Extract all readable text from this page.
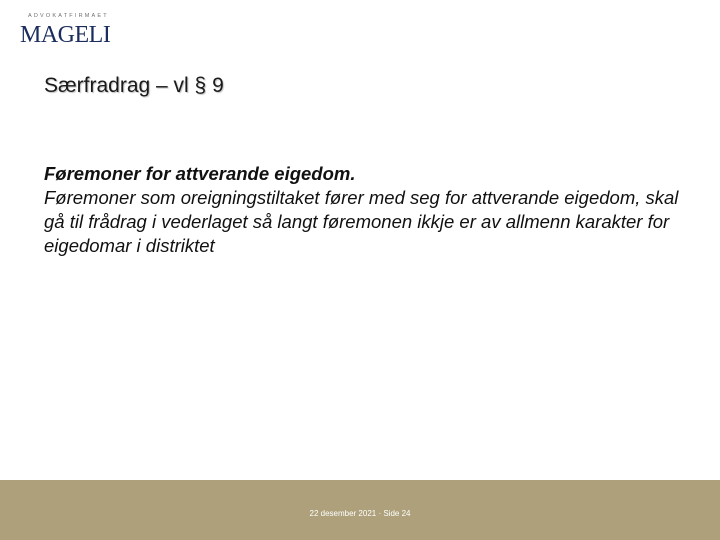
ADVOKATFIRMAET
MAGELI
Særfradrag – vl § 9
Føremoner for attverande eigedom.
Føremoner som oreigningstiltaket fører med seg for attverande eigedom, skal gå til frådrag i vederlaget så langt føremonen ikkje er av allmenn karakter for eigedomar i distriktet
22 desember 2021 · Side 24
